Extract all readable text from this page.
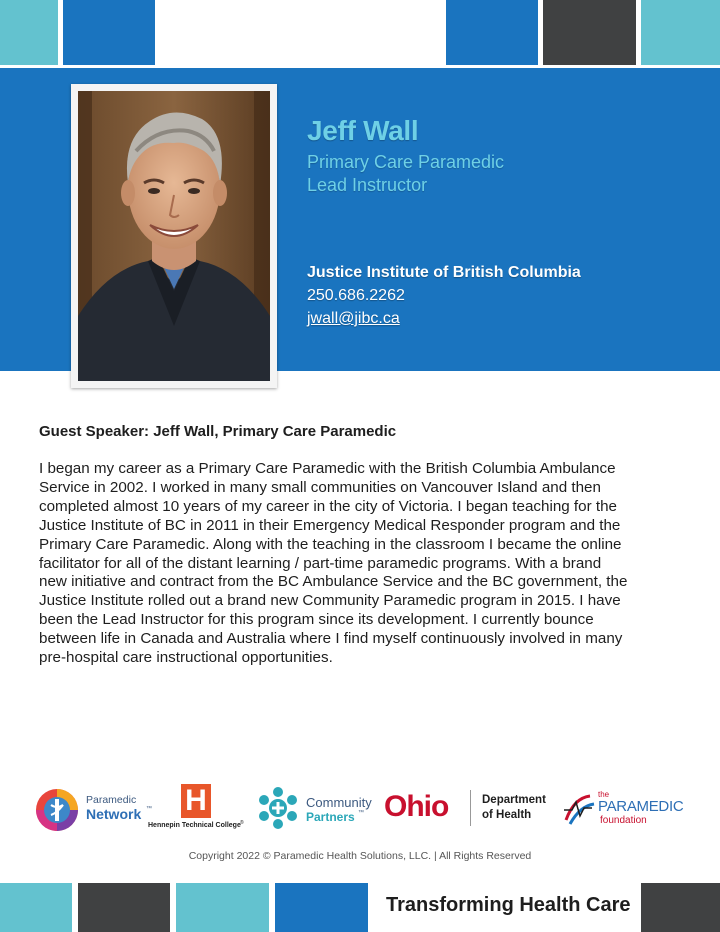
Jeff Wall
Primary Care Paramedic
Lead Instructor
Justice Institute of British Columbia
250.686.2262
jwall@jibc.ca
Guest Speaker: Jeff Wall, Primary Care Paramedic
I began my career as a Primary Care Paramedic with the British Columbia Ambulance
Service in 2002. I worked in many small communities on Vancouver Island and then
completed almost 10 years of my career in the city of Victoria. I began teaching for the
Justice Institute of BC in 2011 in their Emergency Medical Responder program and the
Primary Care Paramedic. Along with the teaching in the classroom I became the online
facilitator for all of the distant learning / part-time paramedic programs. With a brand
new initiative and contract from the BC Ambulance Service and the BC government, the
Justice Institute rolled out a brand new Community Paramedic program in 2015. I have
been the Lead Instructor for this program since its development. I currently bounce
between life in Canada and Australia where I find myself continuously involved in many
pre-hospital care instructional opportunities.
Paramedic
Network ™ H
Hennepin Technical College ®
Community
Partners ™ Ohio	Department
of Health
the
PARAMEDIC
foundation
Copyright 2022 © Paramedic Health Solutions, LLC. | All Rights Reserved
Transforming Health Care
